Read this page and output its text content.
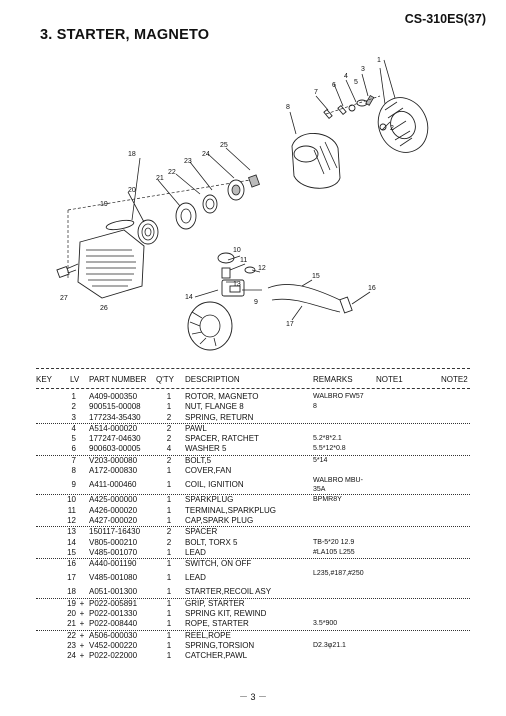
CS-310ES(37)
3. STARTER, MAGNETO
1
2
3
4
5
6
7
8
9
10
11
12
13
14
15
16
17
18
19
20
21
22
23
24
25
26
27
KEY LV PART NUMBER Q'TY DESCRIPTION	REMARKS	NOTE1	NOTE2
1 A409-000350	1	ROTOR, MAGNETO	WALBRO FW57
2 900515-00008	1	NUT, FLANGE 8	8
3 177234-35430	2	SPRING, RETURN
4 A514-000020	2	PAWL
5 177247-04630	2	SPACER, RATCHET	5.2*8*2.1
6 900603-00005	4	WASHER 5	5.5*12*0.8
7 V203-000080	2	BOLT,5	5*14
8 A172-000830	1	COVER,FAN
9 A411-000460	1	COIL, IGNITION	WALBRO MBU-
35A
10 A425-000000	1	SPARKPLUG	BPMR8Y
11 A426-000020	1	TERMINAL,SPARKPLUG
12 A427-000020	1	CAP,SPARK PLUG
13 150117-16430	2	SPACER
14 V805-000210	2	BOLT, TORX 5	TB-5*20 12.9
15 V485-001070	1	LEAD	#LA105 L255
16 A440-001190	1	SWITCH, ON OFF
17 V485-001080	1	LEAD	L235,#187,#250
18 A051-001300	1	STARTER,RECOIL ASY
19 + P022-005891	1	GRIP, STARTER
20 + P022-001330	1	SPRING KIT, REWIND
21 + P022-008440	1	ROPE, STARTER	3.5*900
22 + A506-000030	1	REEL,ROPE
23 + V452-000220	1	SPRING,TORSION	D2.3φ21.1
24 + P022-022000	1	CATCHER,PAWL
－ 3 －
